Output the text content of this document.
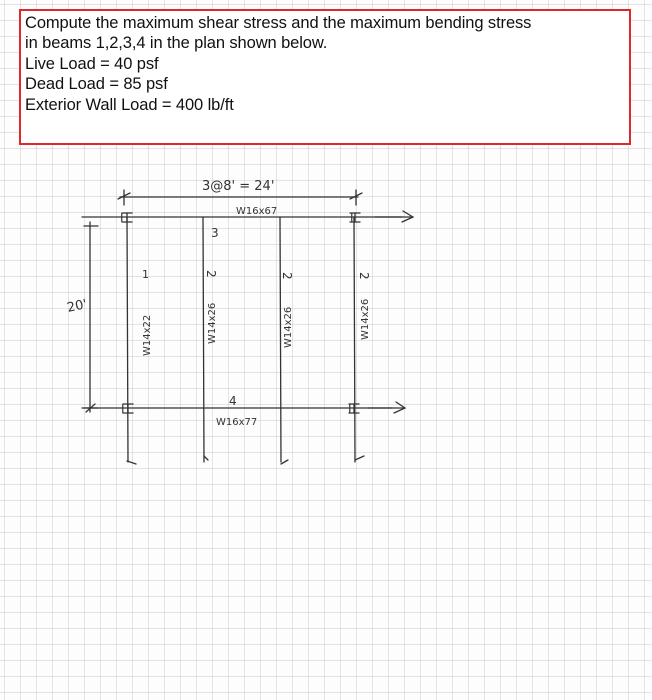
Compute the maximum shear stress and the maximum bending stress
in beams 1,2,3,4 in the plan shown below.
Live Load = 40 psf
Dead Load = 85 psf
Exterior Wall Load = 400 lb/ft
3@8' = 24'
W16x67
3
W16x77
4
20'
I	I
I	I
1	2	2	2
W14x22	W14x26	W14x26	W14x26
